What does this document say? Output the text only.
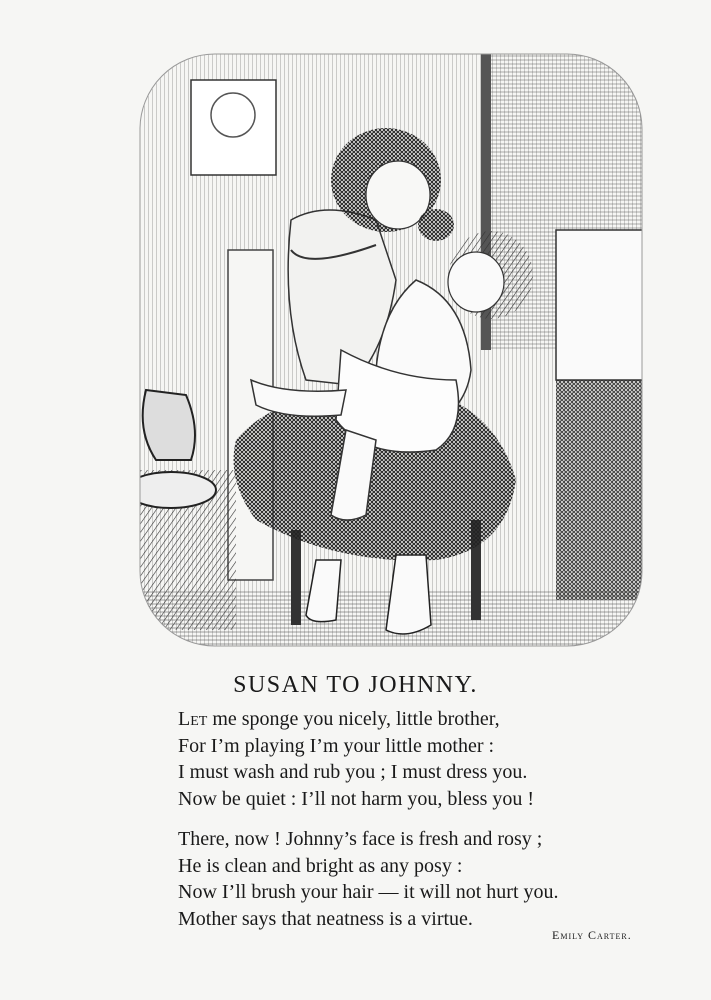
SUSAN TO JOHNNY.
Let me sponge you nicely, little brother,
For I’m playing I’m your little mother :
I must wash and rub you ; I must dress you.
Now be quiet : I’ll not harm you, bless you !
There, now ! Johnny’s face is fresh and rosy ;
He is clean and bright as any posy :
Now I’ll brush your hair — it will not hurt you.
Mother says that neatness is a virtue.
Emily Carter.
